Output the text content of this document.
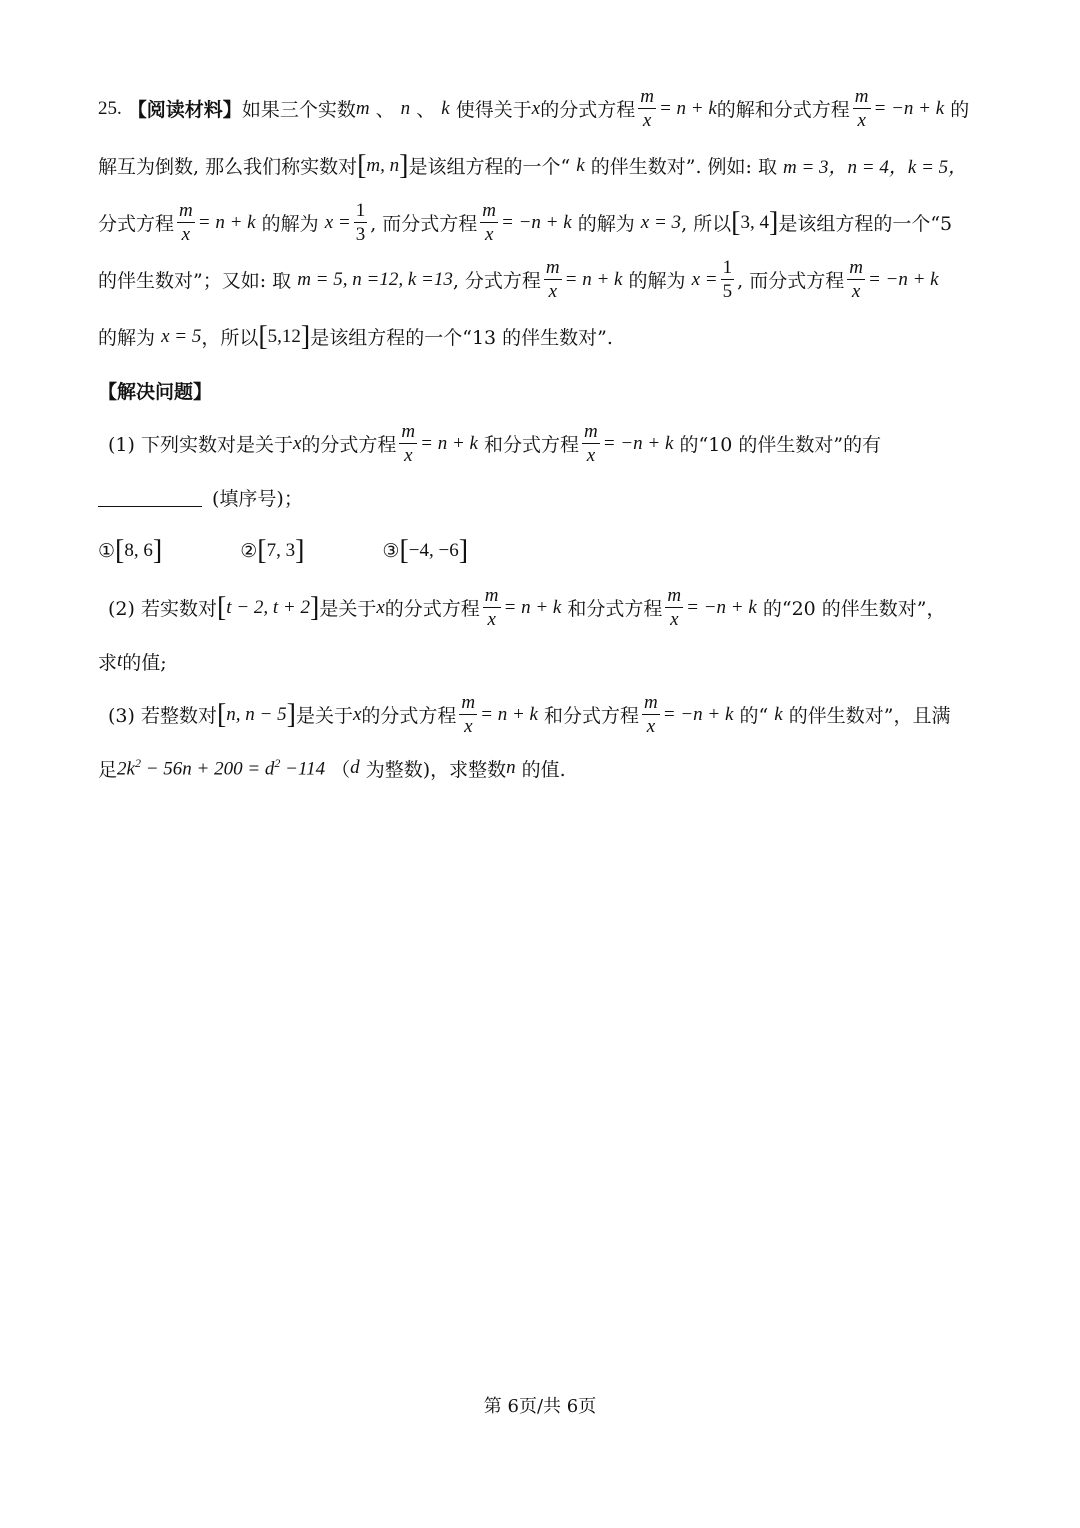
25.
【阅读材料】 如果三个实数 m
、
n
、
k 使得关于 x 的分式方程 $\frac{m}{x} = n + k$ 的解和分式方程 $\frac{m}{x} = -n + k$
的
解互为倒数, 那么我们称实数对 [ m, n ] 是该组方程的一个“
k
的伴生数对”. 例如: 取
m = 3，n = 4，k = 5，
分式方程 $\frac{m}{x} = n + k$
的解为
$x = \frac{1}{3}$ , 而分式方程 $\frac{m}{x} = -n + k$
的解为
x = 3 , 所以 [ 3, 4 ] 是该组方程的一个“5
的伴生数对”；又如: 取
m = 5, n =12, k =13 , 分式方程 $\frac{m}{x} = n + k$
的解为
$x = \frac{1}{5}$ , 而分式方程 $\frac{m}{x} = -n + k$
的解为
x = 5 ，所以 [ 5,12 ] 是该组方程的一个“13 的伴生数对”.
【解决问题】
(1) 下列实数对是关于 x 的分式方程 $\frac{m}{x} = n + k$
和分式方程 $\frac{m}{x} = -n + k$
的“10 的伴生数对”的有
(填序号)；
① [ 8, 6 ]	② [ 7, 3 ]	③ [ −4, −6 ]
(2) 若实数对 [ t − 2, t + 2 ] 是关于 x 的分式方程 $\frac{m}{x} = n + k$
和分式方程 $\frac{m}{x} = -n + k$
的“20 的伴生数对”，
求 t 的值;
(3) 若整数对 [ n, n − 5 ] 是关于 x 的分式方程 $\frac{m}{x} = n + k$
和分式方程 $\frac{m}{x} = -n + k$
的“
k
的伴生数对”，且满
足 $2k^2 - 56n + 200 = d^2 -114$
（ d
为整数)，求整数 n
的值.
第 6页/共 6页
